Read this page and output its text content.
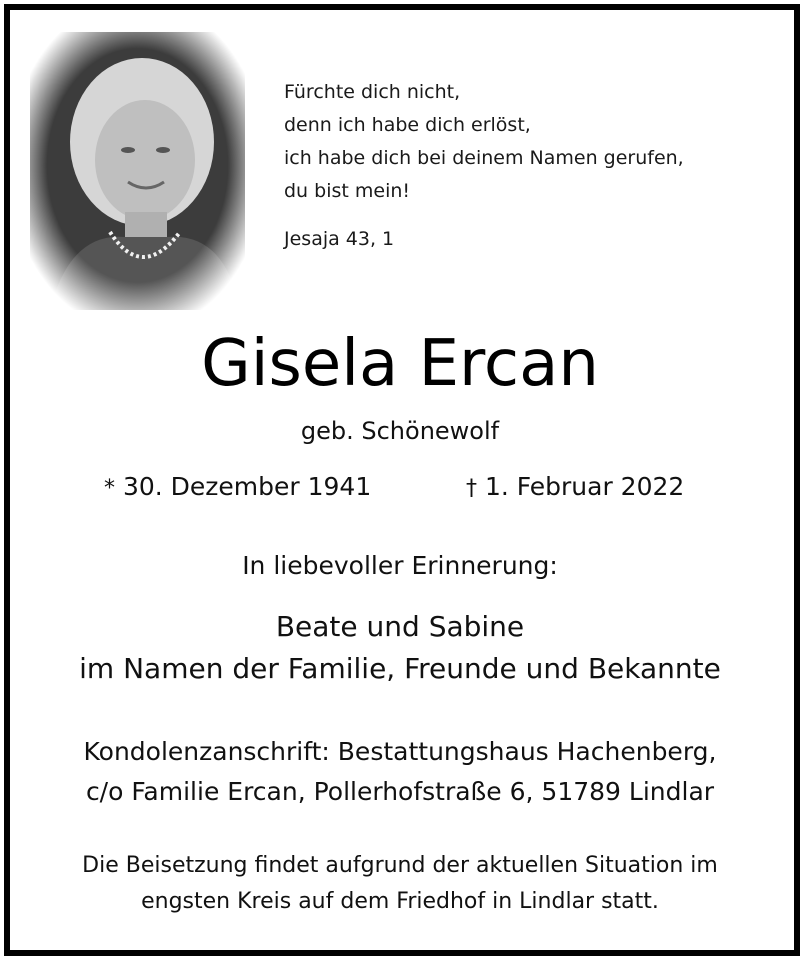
Fürchte dich nicht,
denn ich habe dich erlöst,
ich habe dich bei deinem Namen gerufen,
du bist mein!
Jesaja 43, 1
Gisela Ercan
geb. Schönewolf
* 30. Dezember 1941	† 1. Februar 2022
In liebevoller Erinnerung:
Beate und Sabine
im Namen der Familie, Freunde und Bekannte
Kondolenzanschrift: Bestattungshaus Hachenberg,
c/o Familie Ercan, Pollerhofstraße 6, 51789 Lindlar
Die Beisetzung findet aufgrund der aktuellen Situation im
engsten Kreis auf dem Friedhof in Lindlar statt.
